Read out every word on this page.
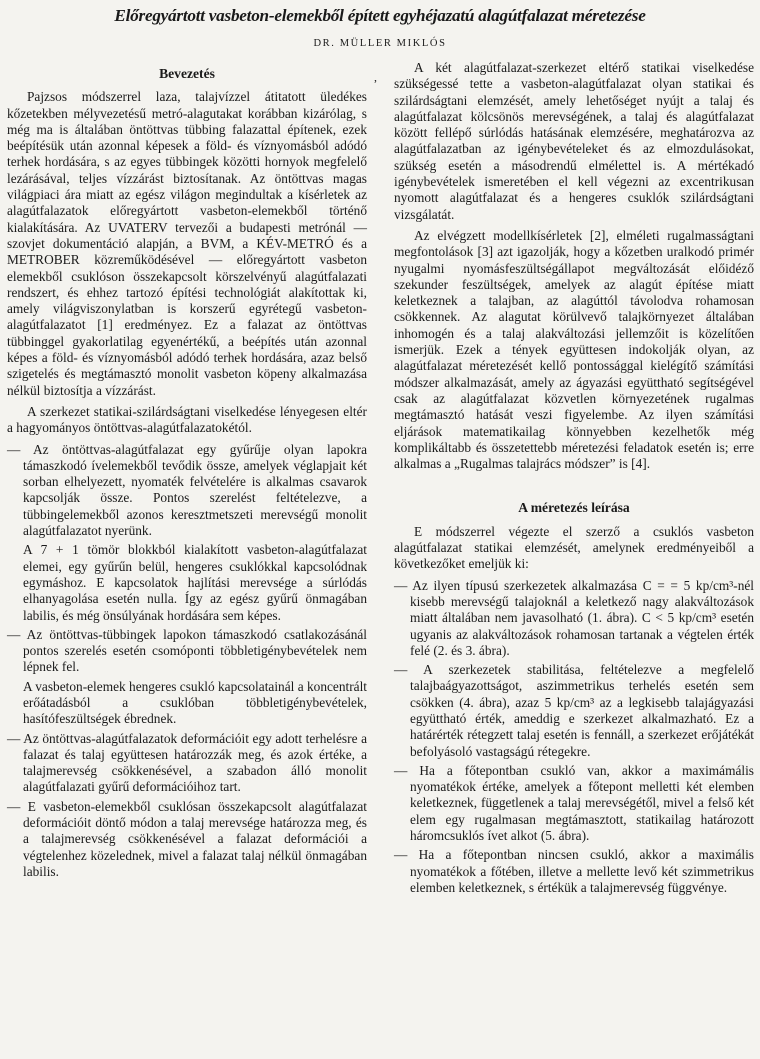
Előregyártott vasbeton-elemekből épített egyhéjazatú alagútfalazat méretezése
DR. MÜLLER MIKLÓS
,
Bevezetés

Pajzsos módszerrel laza, talajvízzel átitatott üledékes kőzetekben mélyvezetésű metró-alagutakat korábban kizárólag, s még ma is általában öntöttvas tübbing falazattal építenek, ezek beépítésük után azonnal képesek a föld- és víznyomásból adódó terhek hordására, s az egyes tübbingek közötti hornyok megfelelő lezárásával, teljes vízzárást biztosítanak. Az öntöttvas magas világpiaci ára miatt az egész világon megindultak a kísérletek az alagútfalazatok előregyártott vasbeton-elemekből történő kialakítására. Az UVATERV tervezői a budapesti metrónál — szovjet dokumentáció alapján, a BVM, a KÉV-METRÓ és a METROBER közreműködésével — előregyártott vasbeton elemekből csuklóson összekapcsolt körszelvényű alagútfalazati rendszert, és ehhez tartozó építési technológiát alakítottak ki, amely világviszonylatban is korszerű egyrétegű vasbeton-alagútfalazatot [1] eredményez. Ez a falazat az öntöttvas tübbinggel gyakorlatilag egyenértékű, a beépítés után azonnal képes a föld- és víznyomásból adódó terhek hordására, azaz belső szigetelés és megtámasztó monolit vasbeton köpeny alkalmazása nélkül biztosítja a vízzárást.

A szerkezet statikai-szilárdságtani viselkedése lényegesen eltér a hagyományos öntöttvas-alagútfalazatokétól.

— Az öntöttvas-alagútfalazat egy gyűrűje olyan lapokra támaszkodó ívelemekből tevődik össze, amelyek véglapjait két sorban elhelyezett, nyomaték felvételére is alkalmas csavarok kapcsolják össze. Pontos szerelést feltételezve, a tübbingelemekből azonos keresztmetszeti merevségű monolit alagútfalazatot nyerünk.
A 7 + 1 tömör blokkból kialakított vasbeton-alagútfalazat elemei, egy gyűrűn belül, hengeres csuklókkal kapcsolódnak egymáshoz. E kapcsolatok hajlítási merevsége a súrlódás elhanyagolása esetén nulla. Így az egész gyűrű önmagában labilis, és még önsúlyának hordására sem képes.
— Az öntöttvas-tübbingek lapokon támaszkodó csatlakozásánál pontos szerelés esetén csomóponti többletigénybevételek nem lépnek fel.
A vasbeton-elemek hengeres csukló kapcsolatainál a koncentrált erőátadásból a csuklóban többletigénybevételek, hasítófeszültségek ébrednek.
— Az öntöttvas-alagútfalazatok deformációit egy adott terhelésre a falazat és talaj együttesen határozzák meg, és azok értéke, a talajmerevség csökkenésével, a szabadon álló monolit alagútfalazati gyűrű deformációihoz tart.
— E vasbeton-elemekből csuklósan összekapcsolt alagútfalazat deformációit döntő módon a talaj merevsége határozza meg, és a talajmerevség csökkenésével a falazat deformációi a végtelenhez közelednek, mivel a falazat talaj nélkül önmagában labilis.

A két alagútfalazat-szerkezet eltérő statikai viselkedése szükségessé tette a vasbeton-alagútfalazat olyan statikai és szilárdságtani elemzését, amely lehetőséget nyújt a talaj és alagútfalazat kölcsönös merevségének, a talaj és alagútfalazat között fellépő súrlódás hatásának elemzésére, meghatározva az alagútfalazatban az igénybevételeket és az elmozdulásokat, szükség esetén a másodrendű elmélettel is. A mértékadó igénybevételek ismeretében el kell végezni az excentrikusan nyomott alagútfalazat és a hengeres csuklók szilárdságtani vizsgálatát.

Az elvégzett modellkísérletek [2], elméleti rugalmasságtani megfontolások [3] azt igazolják, hogy a kőzetben uralkodó primér nyugalmi nyomásfeszültségállapot megváltozását előidéző szekunder feszültségek, amelyek az alagút építése miatt keletkeznek a talajban, az alagúttól távolodva rohamosan csökkennek. Az alagutat körülvevő talajkörnyezet általában inhomogén és a talaj alakváltozási jellemzőit is közelítően ismerjük. Ezek a tények együttesen indokolják olyan, az alagútfalazat méretezését kellő pontossággal kielégítő számítási módszer alkalmazását, amely az ágyazási együttható segítségével csak az alagútfalazat közvetlen környezetének rugalmas megtámasztó hatását veszi figyelembe. Az ilyen számítási eljárások matematikailag könnyebben kezelhetők még komplikáltabb és összetettebb méretezési feladatok esetén is; erre alkalmas a „Rugalmas talajrács módszer” is [4].

A méretezés leírása

E módszerrel végezte el szerző a csuklós vasbeton alagútfalazat statikai elemzését, amelynek eredményeiből a következőket emeljük ki:

— Az ilyen típusú szerkezetek alkalmazása C = = 5 kp/cm³-nél kisebb merevségű talajoknál a keletkező nagy alakváltozások miatt általában nem javasolható (1. ábra). C < 5 kp/cm³ esetén ugyanis az alakváltozások rohamosan tartanak a végtelen érték felé (2. és 3. ábra).
— A szerkezetek stabilitása, feltételezve a megfelelő talajbaágyazottságot, aszimmetrikus terhelés esetén sem csökken (4. ábra), azaz 5 kp/cm³ az a legkisebb talajágyazási együttható érték, ameddig e szerkezet alkalmazható. Ez a határérték rétegzett talaj esetén is fennáll, a szerkezet erőjátékát befolyásoló vastagságú rétegekre.
— Ha a főtepontban csukló van, akkor a maximámális nyomatékok értéke, amelyek a főtepont melletti két elemben keletkeznek, függetlenek a talaj merevségétől, mivel a felső két elem egy rugalmasan megtámasztott, statikailag határozott háromcsuklós ívet alkot (5. ábra).
— Ha a főtepontban nincsen csukló, akkor a maximális nyomatékok a főtében, illetve a mellette levő két szimmetrikus elemben keletkeznek, s értékük a talajmerevség függvénye.
